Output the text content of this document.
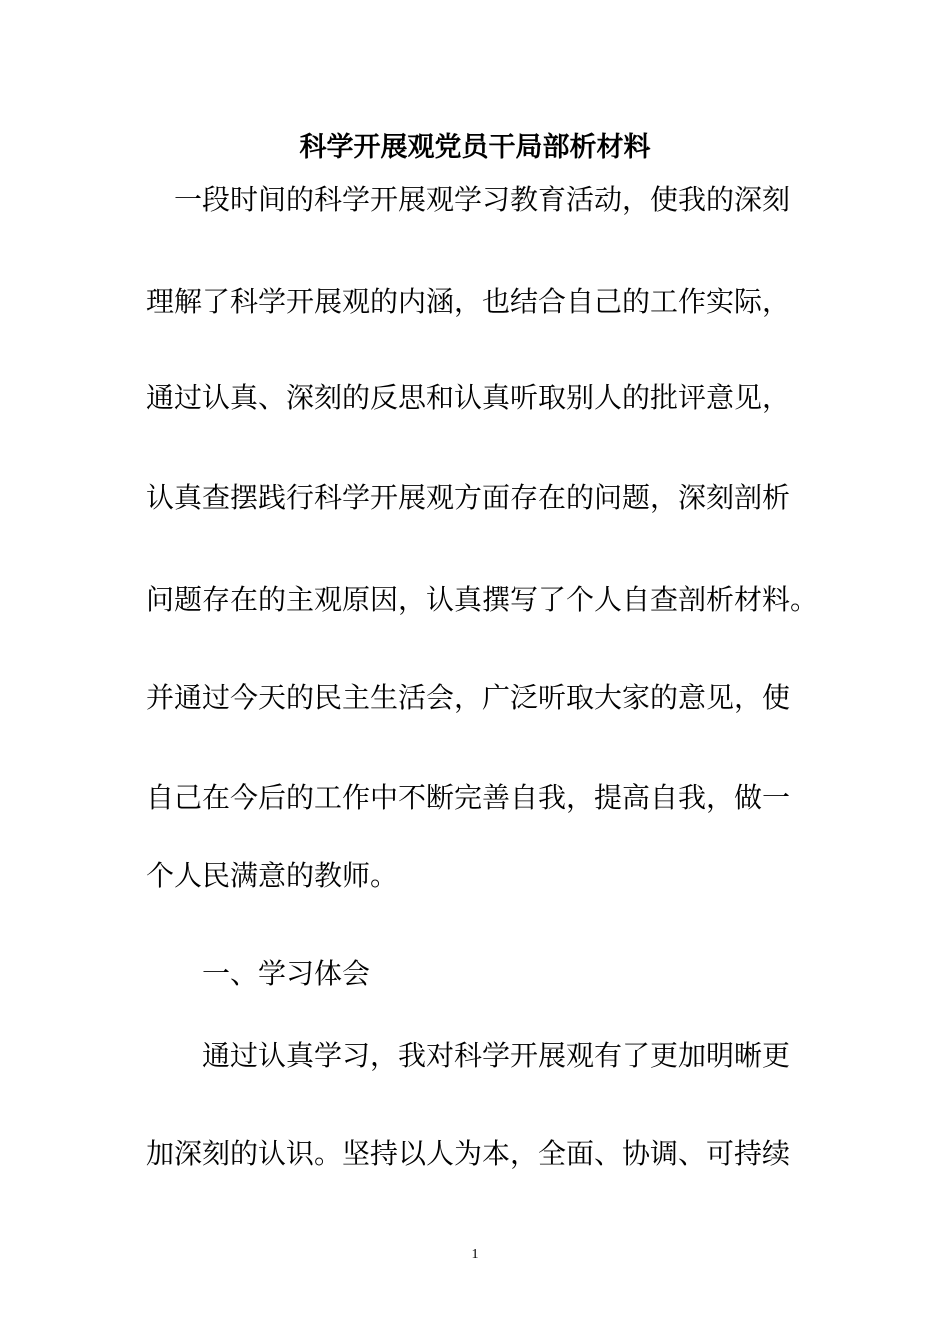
科学开展观党员干局部析材料
一段时间的科学开展观学习教育活动，使我的深刻
理解了科学开展观的内涵，也结合自己的工作实际，
通过认真、深刻的反思和认真听取别人的批评意见，
认真查摆践行科学开展观方面存在的问题，深刻剖析
问题存在的主观原因，认真撰写了个人自查剖析材料。
并通过今天的民主生活会，广泛听取大家的意见，使
自己在今后的工作中不断完善自我，提高自我，做一
个人民满意的教师。
一、学习体会
通过认真学习，我对科学开展观有了更加明晰更
加深刻的认识。坚持以人为本，全面、协调、可持续
1
